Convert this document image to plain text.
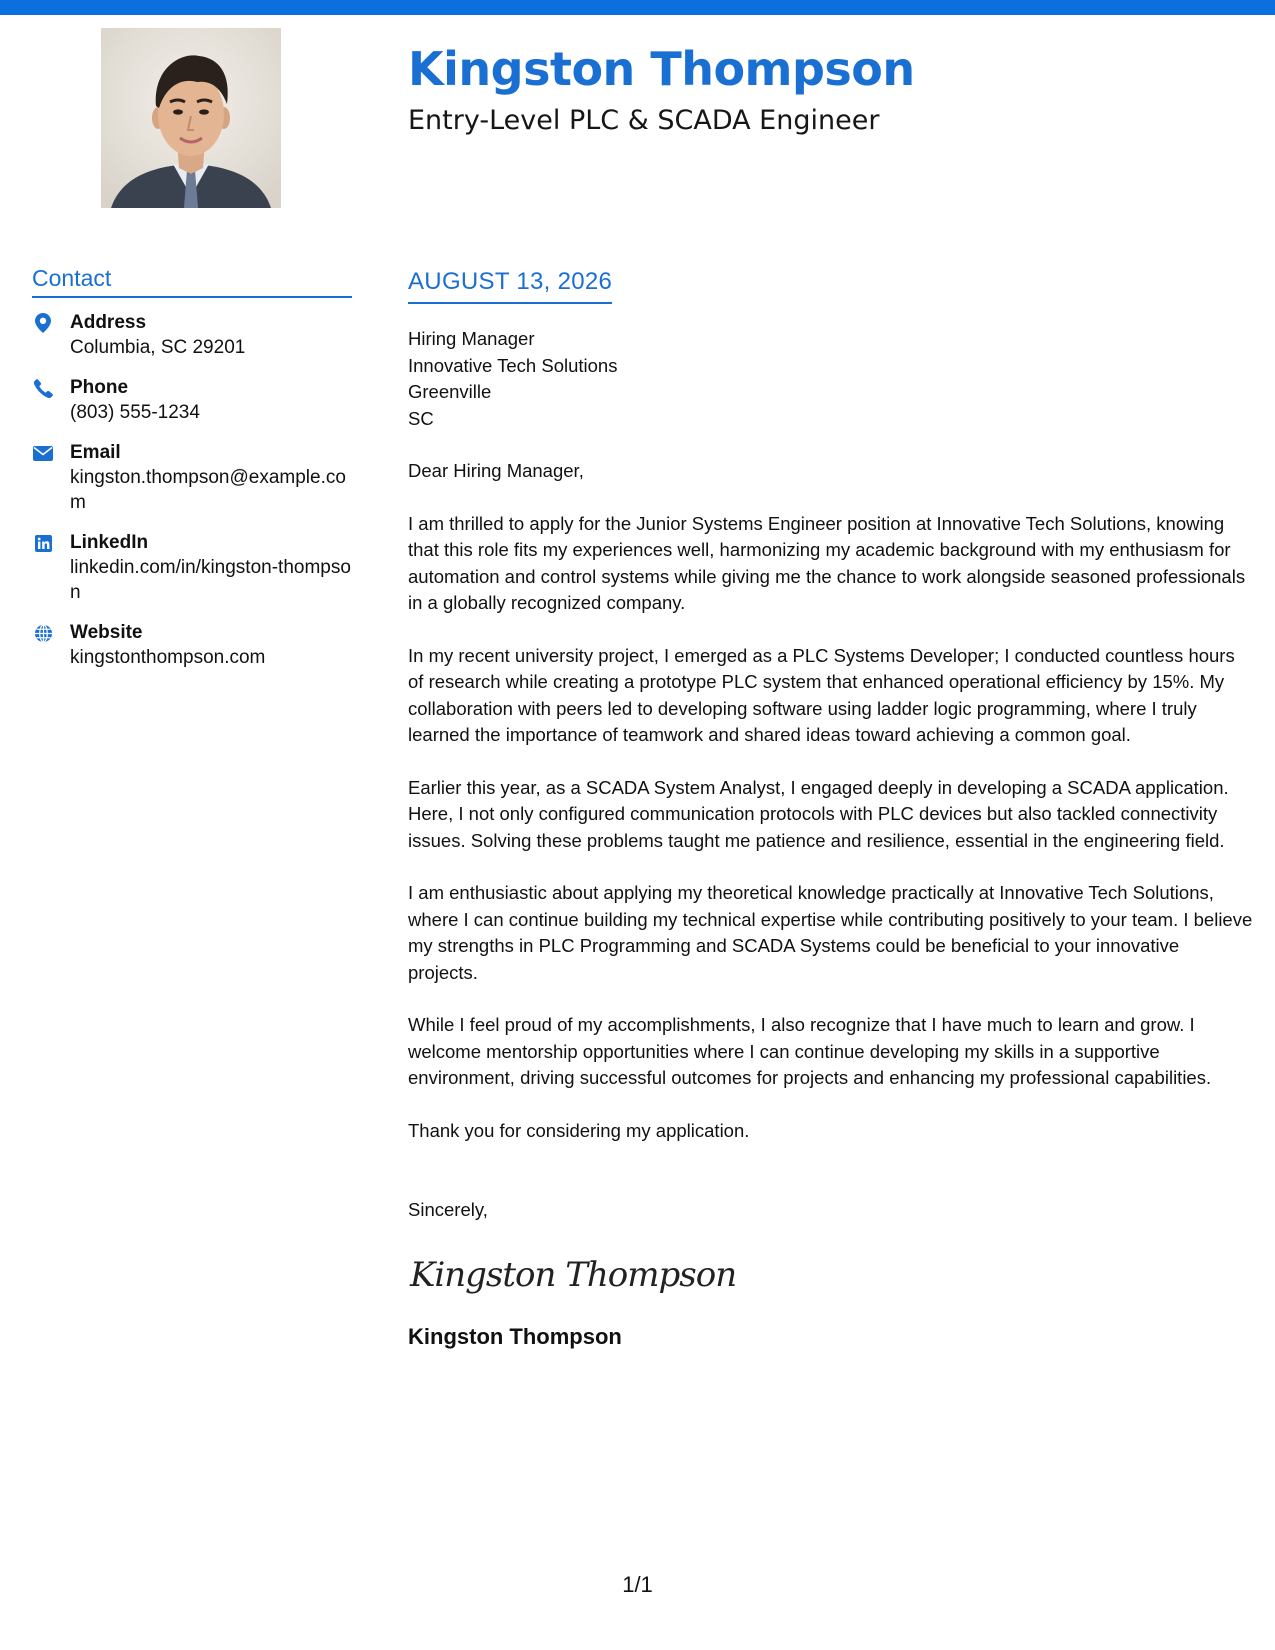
Kingston Thompson
Entry-Level PLC & SCADA Engineer
Contact
Address
Columbia, SC 29201
Phone
(803) 555-1234
Email
kingston.thompson@example.com
LinkedIn
linkedin.com/in/kingston-thompson
Website
kingstonthompson.com
AUGUST 13, 2026
Hiring Manager
Innovative Tech Solutions
Greenville
SC
Dear Hiring Manager,

I am thrilled to apply for the Junior Systems Engineer position at Innovative Tech Solutions, knowing that this role fits my experiences well, harmonizing my academic background with my enthusiasm for automation and control systems while giving me the chance to work alongside seasoned professionals in a globally recognized company.

In my recent university project, I emerged as a PLC Systems Developer; I conducted countless hours of research while creating a prototype PLC system that enhanced operational efficiency by 15%. My collaboration with peers led to developing software using ladder logic programming, where I truly learned the importance of teamwork and shared ideas toward achieving a common goal.

Earlier this year, as a SCADA System Analyst, I engaged deeply in developing a SCADA application. Here, I not only configured communication protocols with PLC devices but also tackled connectivity issues. Solving these problems taught me patience and resilience, essential in the engineering field.

I am enthusiastic about applying my theoretical knowledge practically at Innovative Tech Solutions, where I can continue building my technical expertise while contributing positively to your team. I believe my strengths in PLC Programming and SCADA Systems could be beneficial to your innovative projects.

While I feel proud of my accomplishments, I also recognize that I have much to learn and grow. I welcome mentorship opportunities where I can continue developing my skills in a supportive environment, driving successful outcomes for projects and enhancing my professional capabilities.

Thank you for considering my application.

Sincerely,
Kingston Thompson
Kingston Thompson
1/1
